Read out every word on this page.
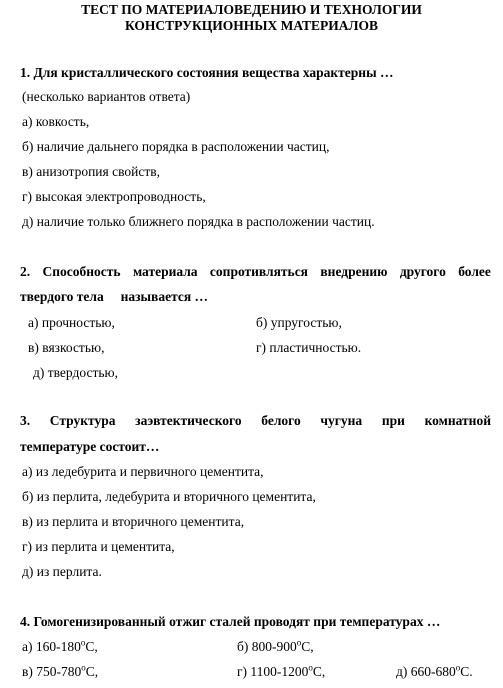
ТЕСТ ПО МАТЕРИАЛОВЕДЕНИЮ И ТЕХНОЛОГИИ
КОНСТРУКЦИОННЫХ МАТЕРИАЛОВ
1. Для кристаллического состояния вещества характерны …
(несколько вариантов ответа)
а) ковкость,
б) наличие дальнего порядка в расположении частиц,
в) анизотропия свойств,
г) высокая электропроводность,
д) наличие только ближнего порядка в расположении частиц.
2. Способность материала сопротивляться внедрению другого более
твердого тела     называется …
а) прочностью,	б) упругостью,
в) вязкостью,	г) пластичностью.
д) твердостью,
3. Структура заэвтектического белого чугуна при комнатной
температуре состоит…
а) из ледебурита и первичного цементита,
б) из перлита, ледебурита и вторичного цементита,
в) из перлита и вторичного цементита,
г) из перлита и цементита,
д) из перлита.
4. Гомогенизированный отжиг сталей проводят при температурах …
а) 160-180$^o$С,	б) 800-900$^o$С,
в) 750-780$^o$С,	г) 1100-1200$^o$С,	д) 660-680$^o$С.
